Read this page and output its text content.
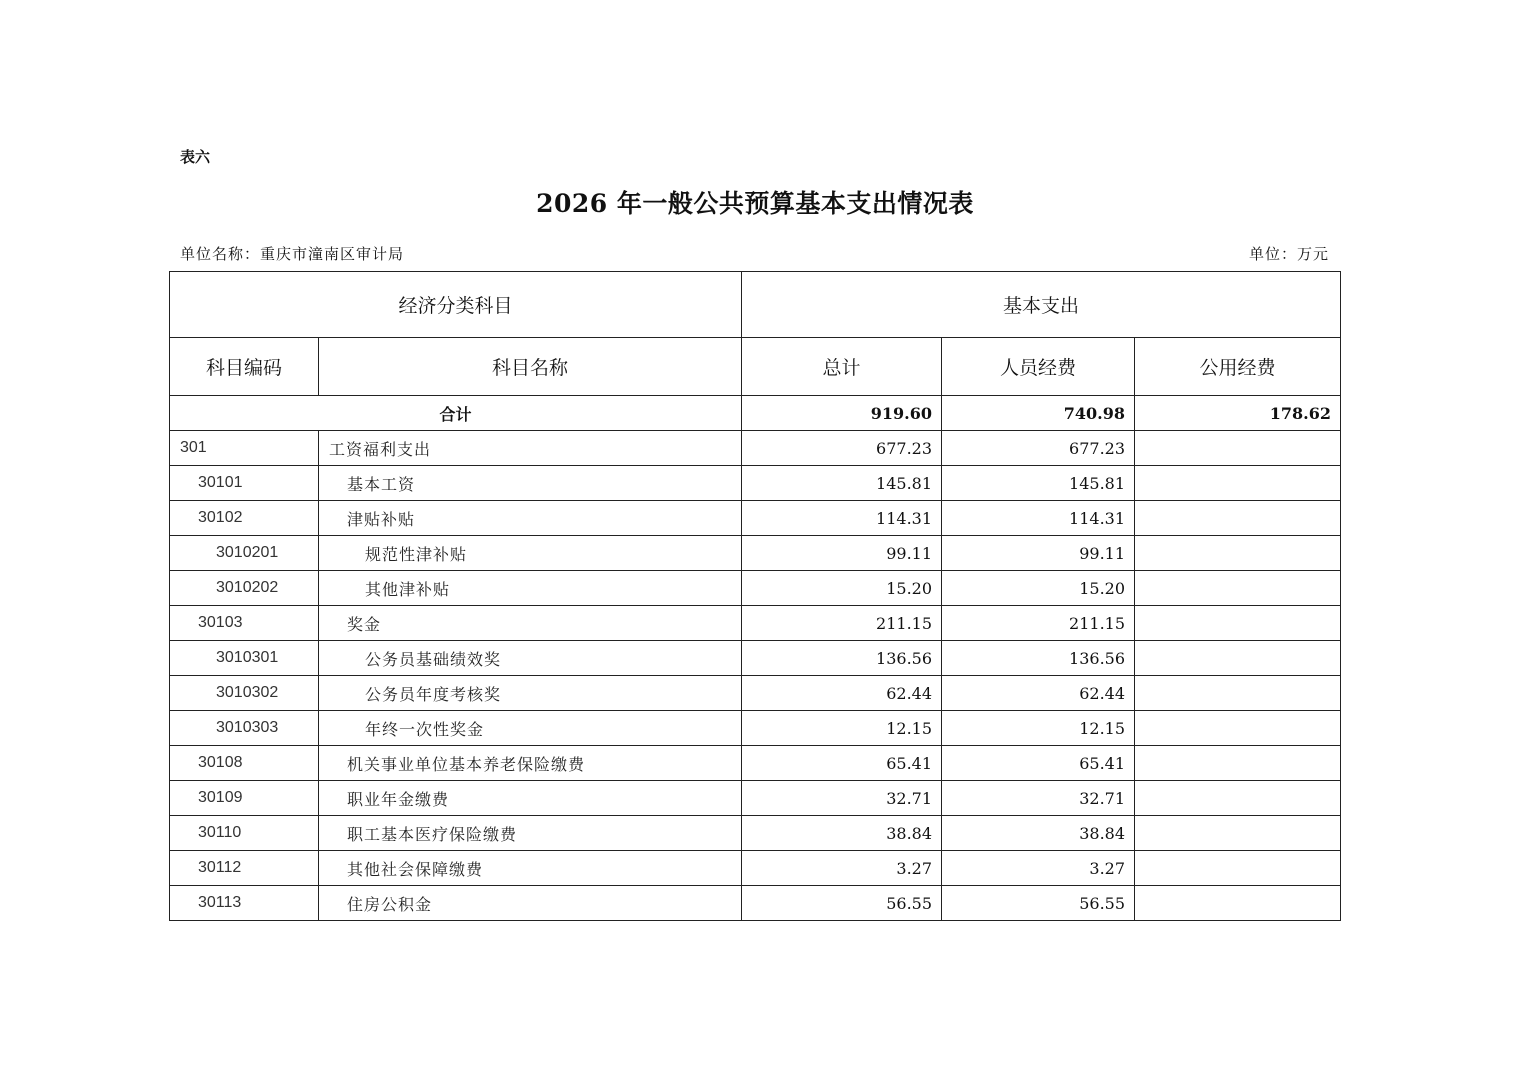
表六
2026 年一般公共预算基本支出情况表
单位名称：重庆市潼南区审计局	单位：万元
经济分类科目		基本支出		
科目编码	科目名称	总计	人员经费	公用经费
合计		919.60	740.98	178.62
301	工资福利支出	677.23	677.23	
30101	基本工资	145.81	145.81	
30102	津贴补贴	114.31	114.31	
3010201	规范性津补贴	99.11	99.11	
3010202	其他津补贴	15.20	15.20	
30103	奖金	211.15	211.15	
3010301	公务员基础绩效奖	136.56	136.56	
3010302	公务员年度考核奖	62.44	62.44	
3010303	年终一次性奖金	12.15	12.15	
30108	机关事业单位基本养老保险缴费	65.41	65.41	
30109	职业年金缴费	32.71	32.71	
30110	职工基本医疗保险缴费	38.84	38.84	
30112	其他社会保障缴费	3.27	3.27	
30113	住房公积金	56.55	56.55	
